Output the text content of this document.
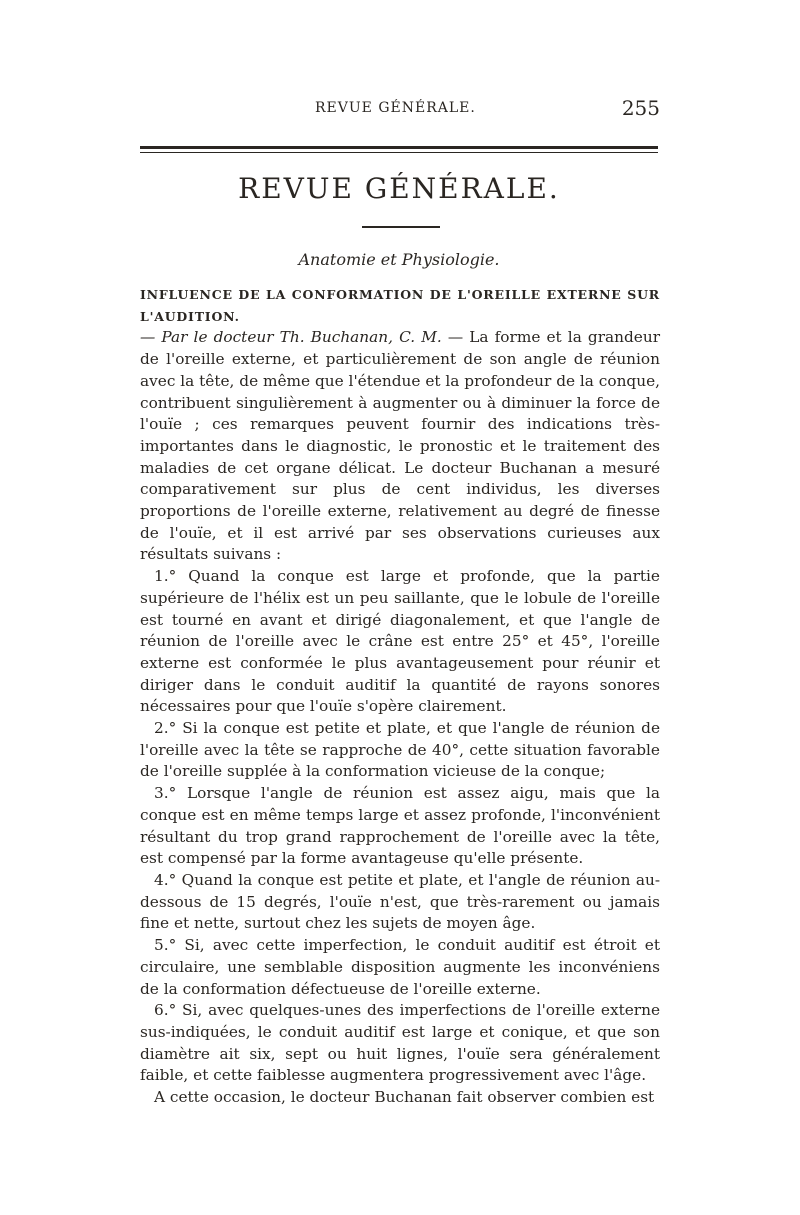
REVUE GÉNÉRALE.	255
REVUE GÉNÉRALE.
Anatomie et Physiologie.

INFLUENCE DE LA CONFORMATION DE L'OREILLE EXTERNE SUR L'AUDITION.
— Par le docteur Th. Buchanan, C. M. — La forme et la grandeur de l'oreille externe, et particulièrement de son angle de réunion avec la tête, de même que l'étendue et la profondeur de la conque, contribuent singulièrement à augmenter ou à diminuer la force de l'ouïe ; ces remarques peuvent fournir des indications très-importantes dans le diagnostic, le pronostic et le traitement des maladies de cet organe délicat. Le docteur Buchanan a mesuré comparativement sur plus de cent individus, les diverses proportions de l'oreille externe, relativement au degré de finesse de l'ouïe, et il est arrivé par ses observations curieuses aux résultats suivans :

1.° Quand la conque est large et profonde, que la partie supérieure de l'hélix est un peu saillante, que le lobule de l'oreille est tourné en avant et dirigé diagonalement, et que l'angle de réunion de l'oreille avec le crâne est entre 25° et 45°, l'oreille externe est conformée le plus avantageusement pour réunir et diriger dans le conduit auditif la quantité de rayons sonores nécessaires pour que l'ouïe s'opère clairement.

2.° Si la conque est petite et plate, et que l'angle de réunion de l'oreille avec la tête se rapproche de 40°, cette situation favorable de l'oreille supplée à la conformation vicieuse de la conque;

3.° Lorsque l'angle de réunion est assez aigu, mais que la conque est en même temps large et assez profonde, l'inconvénient résultant du trop grand rapprochement de l'oreille avec la tête, est compensé par la forme avantageuse qu'elle présente.

4.° Quand la conque est petite et plate, et l'angle de réunion au-dessous de 15 degrés, l'ouïe n'est, que très-rarement ou jamais fine et nette, surtout chez les sujets de moyen âge.

5.° Si, avec cette imperfection, le conduit auditif est étroit et circulaire, une semblable disposition augmente les inconvéniens de la conformation défectueuse de l'oreille externe.

6.° Si, avec quelques-unes des imperfections de l'oreille externe sus-indiquées, le conduit auditif est large et conique, et que son diamètre ait six, sept ou huit lignes, l'ouïe sera généralement faible, et cette faiblesse augmentera progressivement avec l'âge.

A cette occasion, le docteur Buchanan fait observer combien est
